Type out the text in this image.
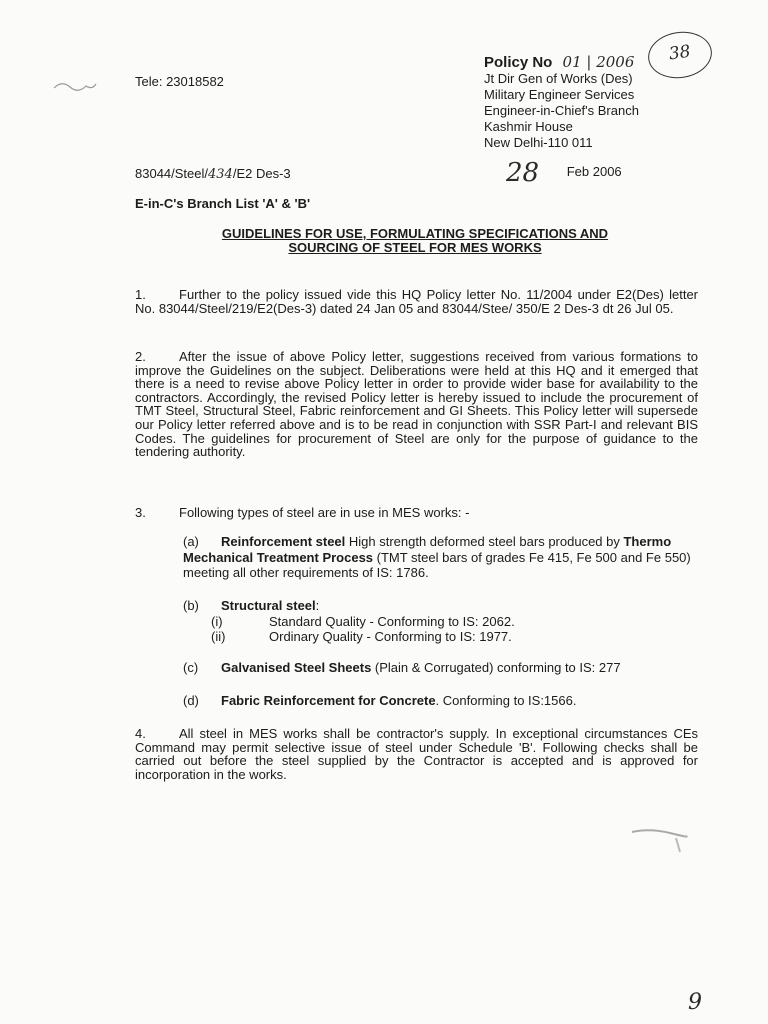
Tele: 23018582
38
Policy No 01 | 2006
Jt Dir Gen of Works (Des)
Military Engineer Services
Engineer-in-Chief's Branch
Kashmir House
New Delhi-110 011
83044/Steel/434/E2 Des-3	28 Feb 2006
E-in-C's Branch List 'A' & 'B'
GUIDELINES FOR USE, FORMULATING SPECIFICATIONS AND
SOURCING OF STEEL FOR MES WORKS
1.	Further to the policy issued vide this HQ Policy letter No. 11/2004 under E2(Des) letter No. 83044/Steel/219/E2(Des-3) dated 24 Jan 05 and 83044/Stee/ 350/E 2 Des-3 dt 26 Jul 05.
2.	After the issue of above Policy letter, suggestions received from various formations to improve the Guidelines on the subject. Deliberations were held at this HQ and it emerged that there is a need to revise above Policy letter in order to provide wider base for availability to the contractors. Accordingly, the revised Policy letter is hereby issued to include the procurement of TMT Steel, Structural Steel, Fabric reinforcement and GI Sheets. This Policy letter will supersede our Policy letter referred above and is to be read in conjunction with SSR Part-I and relevant BIS Codes. The guidelines for procurement of Steel are only for the purpose of guidance to the tendering authority.
3.	Following types of steel are in use in MES works: -
(a) Reinforcement steel High strength deformed steel bars produced by Thermo Mechanical Treatment Process (TMT steel bars of grades Fe 415, Fe 500 and Fe 550) meeting all other requirements of IS: 1786.
(b) Structural steel:
(i)	Standard Quality - Conforming to IS: 2062.
(ii)	Ordinary Quality - Conforming to IS: 1977.
(c) Galvanised Steel Sheets (Plain & Corrugated) conforming to IS: 277
(d) Fabric Reinforcement for Concrete. Conforming to IS:1566.
4.	All steel in MES works shall be contractor's supply. In exceptional circumstances CEs Command may permit selective issue of steel under Schedule 'B'. Following checks shall be carried out before the steel supplied by the Contractor is accepted and is approved for incorporation in the works.
9
